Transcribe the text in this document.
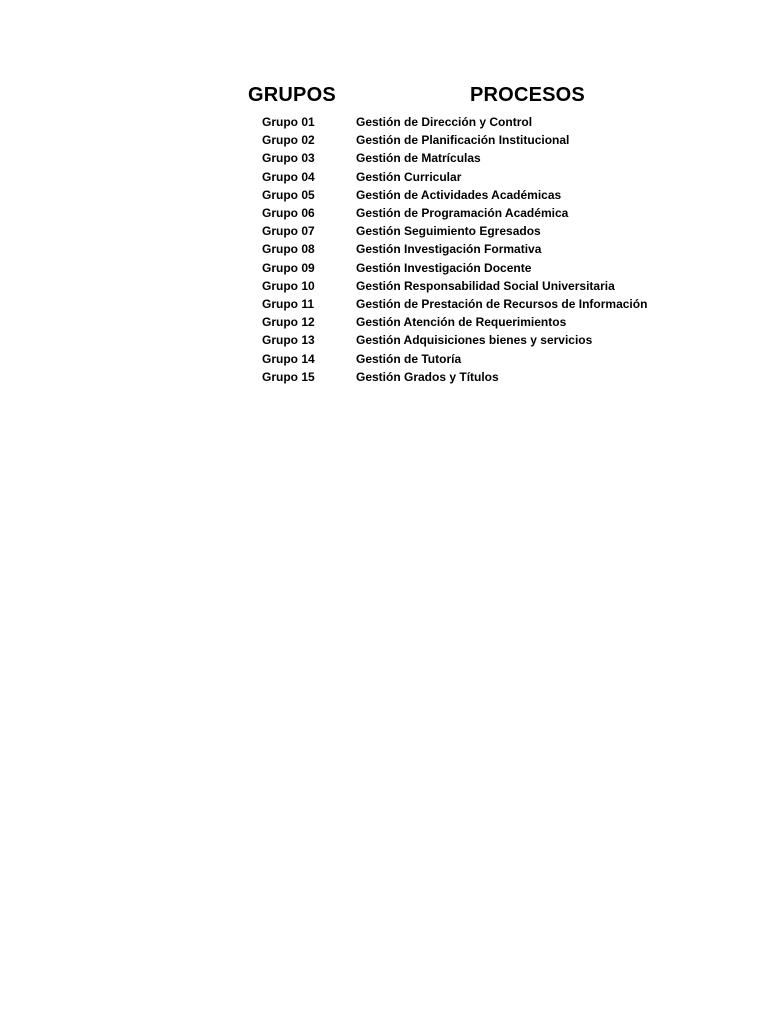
GRUPOS	PROCESOS
Grupo 01	Gestión de Dirección y Control
Grupo 02	Gestión de Planificación Institucional
Grupo 03	Gestión de Matrículas
Grupo 04	Gestión Curricular
Grupo 05	Gestión de Actividades Académicas
Grupo 06	Gestión de Programación Académica
Grupo 07	Gestión Seguimiento Egresados
Grupo 08	Gestión Investigación Formativa
Grupo 09	Gestión Investigación Docente
Grupo 10	Gestión Responsabilidad Social Universitaria
Grupo 11	Gestión de Prestación de Recursos de Información
Grupo 12	Gestión Atención de Requerimientos
Grupo 13	Gestión Adquisiciones bienes y servicios
Grupo 14	Gestión de Tutoría
Grupo 15	Gestión Grados y Títulos
